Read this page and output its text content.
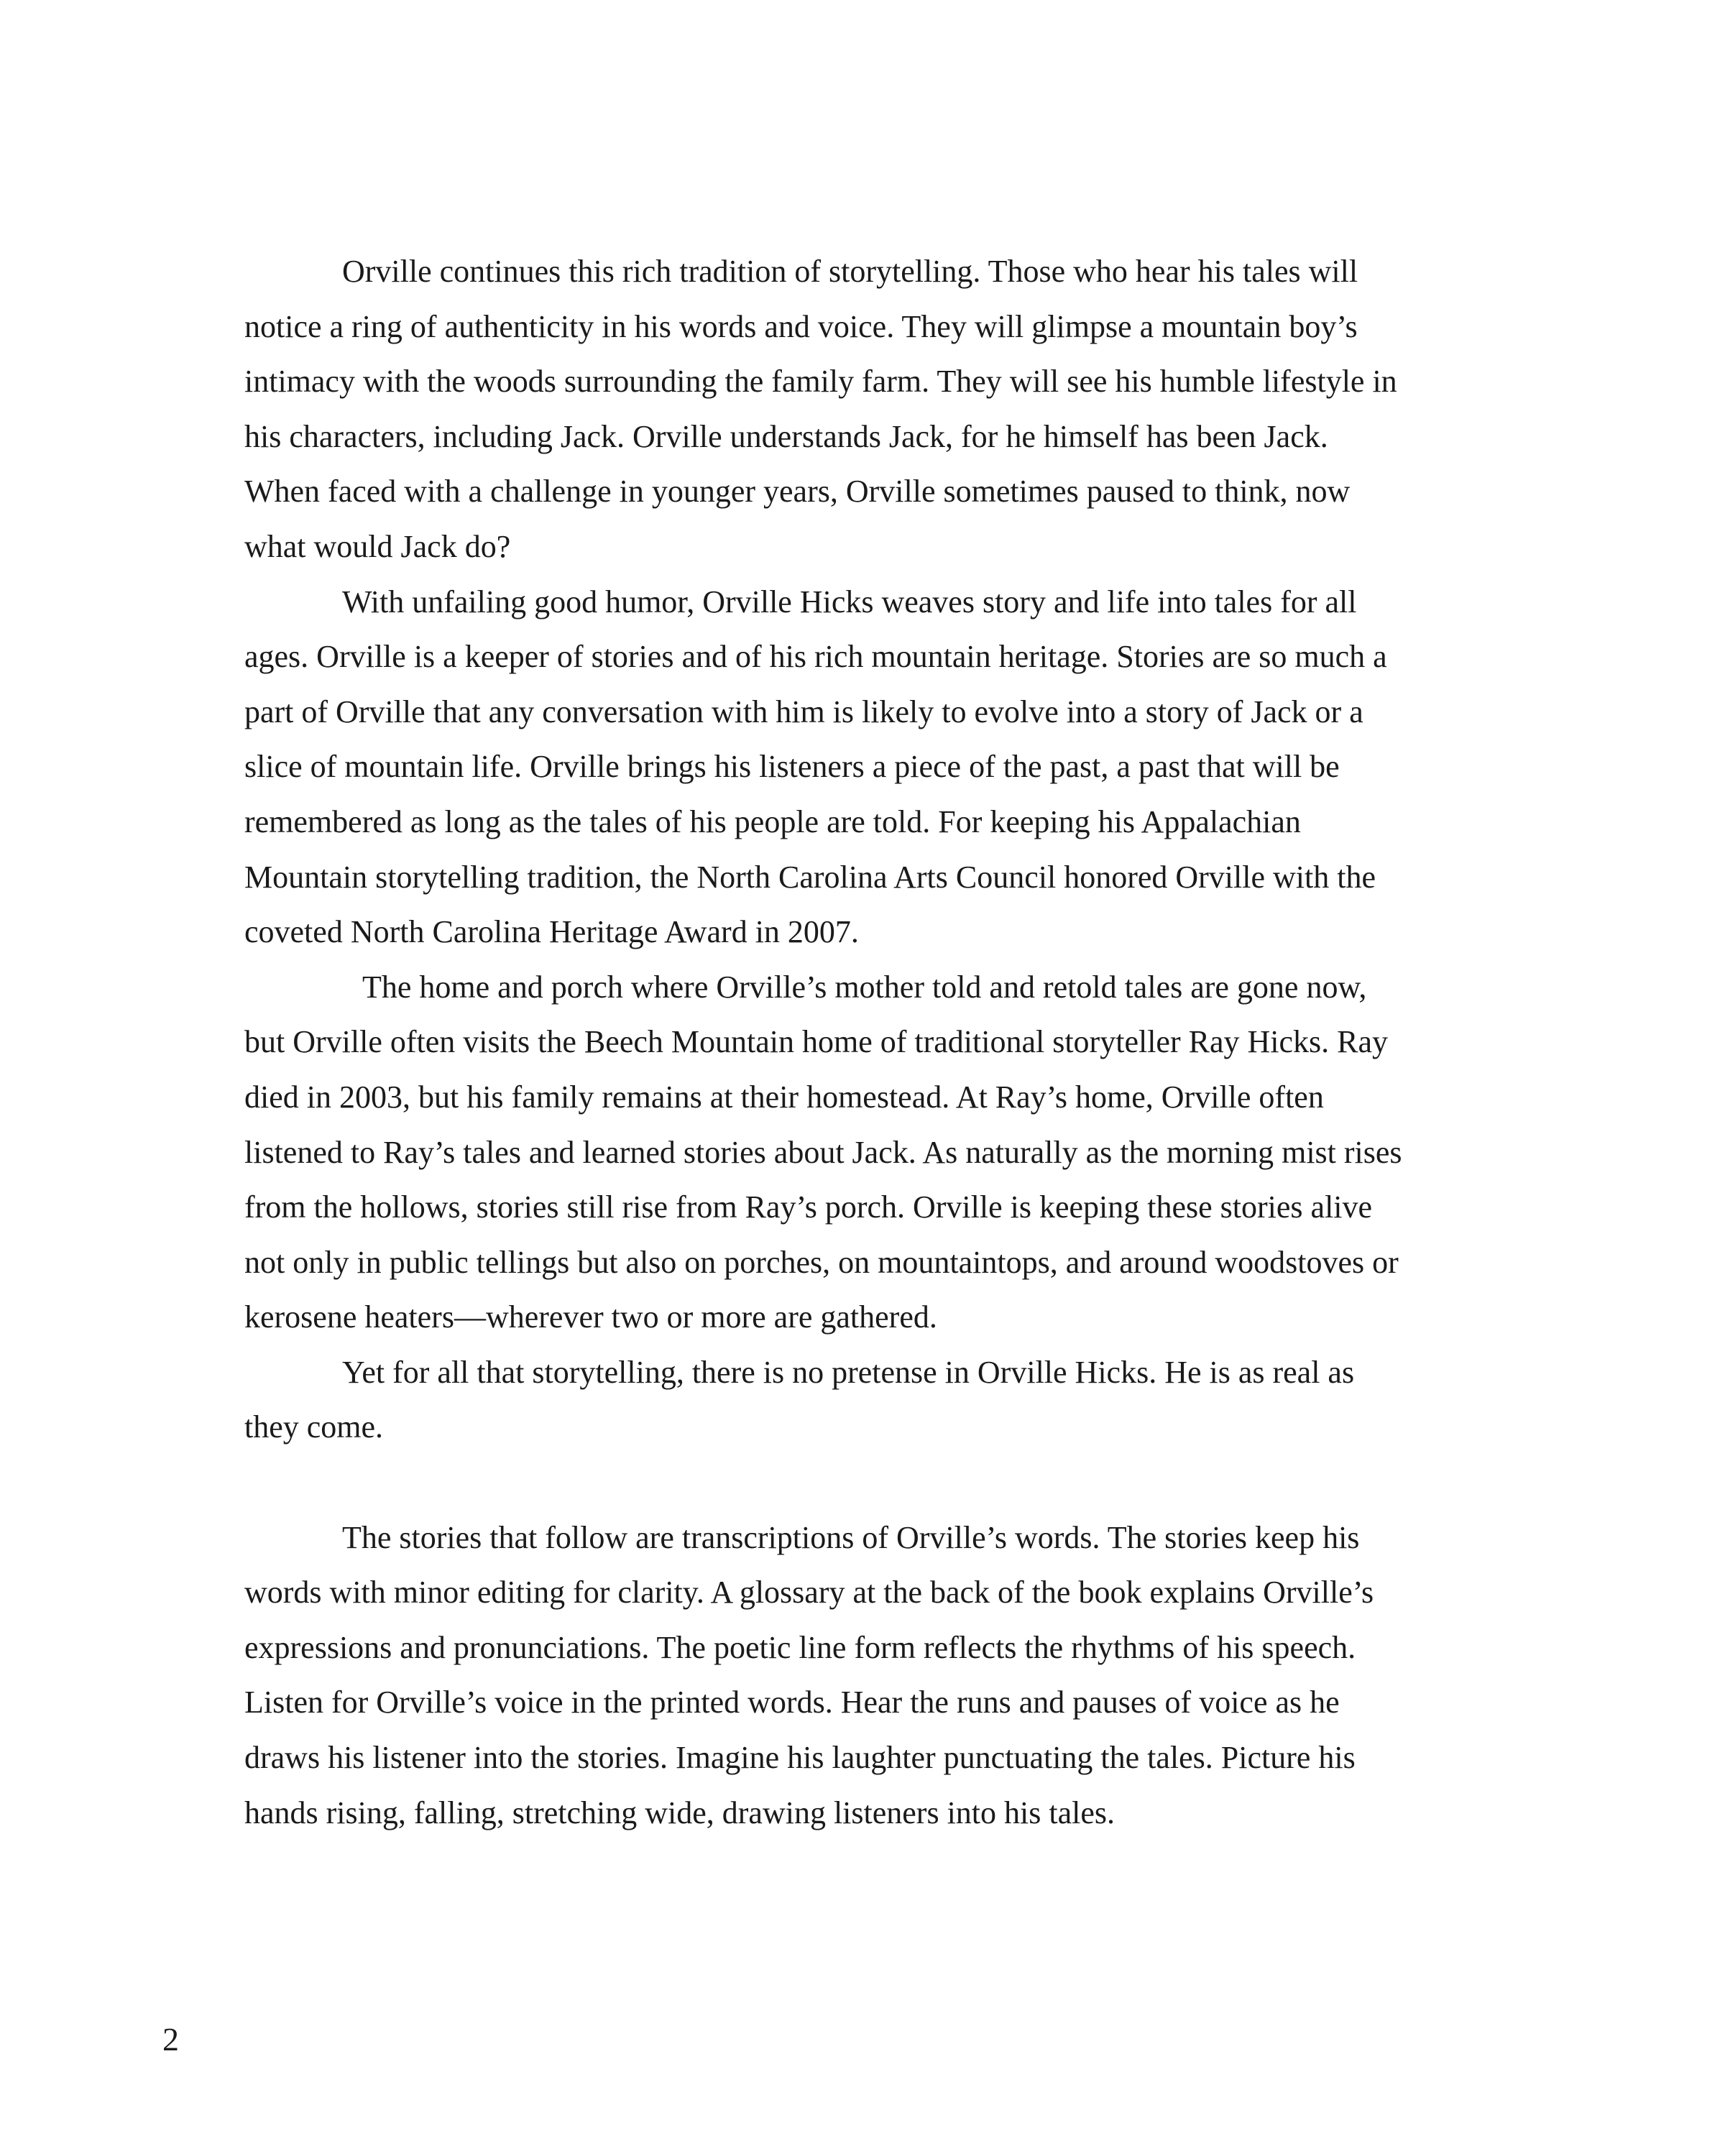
Orville continues this rich tradition of storytelling. Those who hear his tales will notice a ring of authenticity in his words and voice. They will glimpse a mountain boy’s intimacy with the woods surrounding the family farm. They will see his humble lifestyle in his characters, including Jack. Orville understands Jack, for he himself has been Jack. When faced with a challenge in younger years, Orville sometimes paused to think, now what would Jack do?

With unfailing good humor, Orville Hicks weaves story and life into tales for all ages. Orville is a keeper of stories and of his rich mountain heritage. Stories are so much a part of Orville that any conversation with him is likely to evolve into a story of Jack or a slice of mountain life. Orville brings his listeners a piece of the past, a past that will be remembered as long as the tales of his people are told. For keeping his Appalachian Mountain storytelling tradition, the North Carolina Arts Council honored Orville with the coveted North Carolina Heritage Award in 2007.

The home and porch where Orville’s mother told and retold tales are gone now, but Orville often visits the Beech Mountain home of traditional storyteller Ray Hicks. Ray died in 2003, but his family remains at their homestead. At Ray’s home, Orville often listened to Ray’s tales and learned stories about Jack. As naturally as the morning mist rises from the hollows, stories still rise from Ray’s porch. Orville is keeping these stories alive not only in public tellings but also on porches, on mountaintops, and around woodstoves or kerosene heaters—wherever two or more are gathered.

Yet for all that storytelling, there is no pretense in Orville Hicks. He is as real as they come.

The stories that follow are transcriptions of Orville’s words. The stories keep his words with minor editing for clarity. A glossary at the back of the book explains Orville’s expressions and pronunciations. The poetic line form reflects the rhythms of his speech. Listen for Orville’s voice in the printed words. Hear the runs and pauses of voice as he draws his listener into the stories. Imagine his laughter punctuating the tales. Picture his hands rising, falling, stretching wide, drawing listeners into his tales.

2
